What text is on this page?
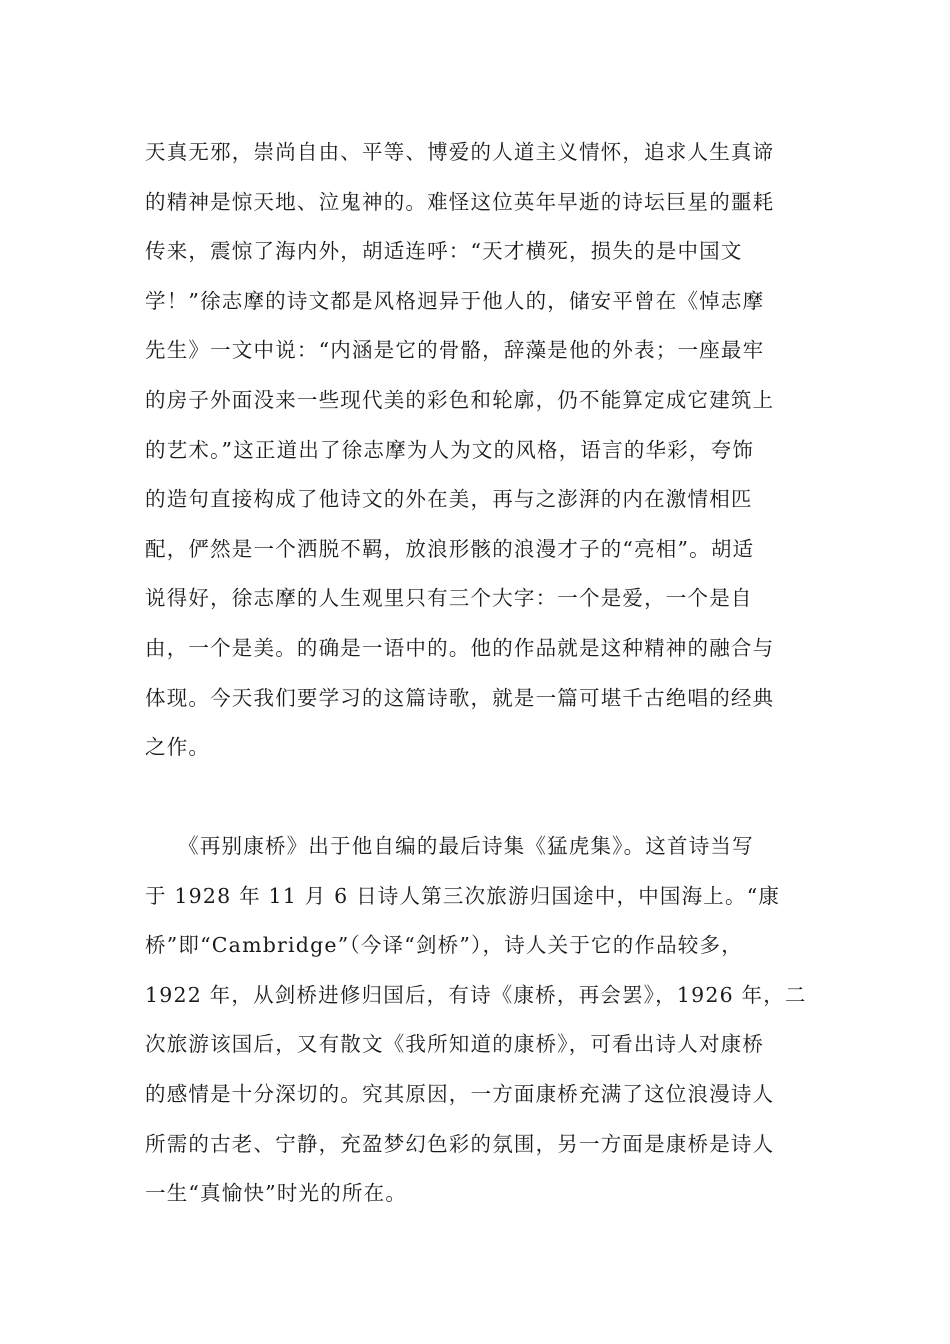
天真无邪，崇尚自由、平等、博爱的人道主义情怀，追求人生真谛
的精神是惊天地、泣鬼神的。难怪这位英年早逝的诗坛巨星的噩耗
传来，震惊了海内外，胡适连呼：“天才横死，损失的是中国文
学！”徐志摩的诗文都是风格迥异于他人的，储安平曾在《悼志摩
先生》一文中说：“内涵是它的骨骼，辞藻是他的外表；一座最牢
的房子外面没来一些现代美的彩色和轮廓，仍不能算定成它建筑上
的艺术。”这正道出了徐志摩为人为文的风格，语言的华彩，夸饰
的造句直接构成了他诗文的外在美，再与之澎湃的内在激情相匹
配，俨然是一个洒脱不羁，放浪形骸的浪漫才子的“亮相”。胡适
说得好，徐志摩的人生观里只有三个大字：一个是爱，一个是自
由，一个是美。的确是一语中的。他的作品就是这种精神的融合与
体现。今天我们要学习的这篇诗歌，就是一篇可堪千古绝唱的经典
之作。
　　《再别康桥》出于他自编的最后诗集《猛虎集》。这首诗当写
于 1928 年 11 月 6 日诗人第三次旅游归国途中，中国海上。“康
桥”即“Cambridge”（今译“剑桥”），诗人关于它的作品较多，
1922 年，从剑桥进修归国后，有诗《康桥，再会罢》，1926 年，二
次旅游该国后，又有散文《我所知道的康桥》，可看出诗人对康桥
的感情是十分深切的。究其原因，一方面康桥充满了这位浪漫诗人
所需的古老、宁静，充盈梦幻色彩的氛围，另一方面是康桥是诗人
一生“真愉快”时光的所在。
